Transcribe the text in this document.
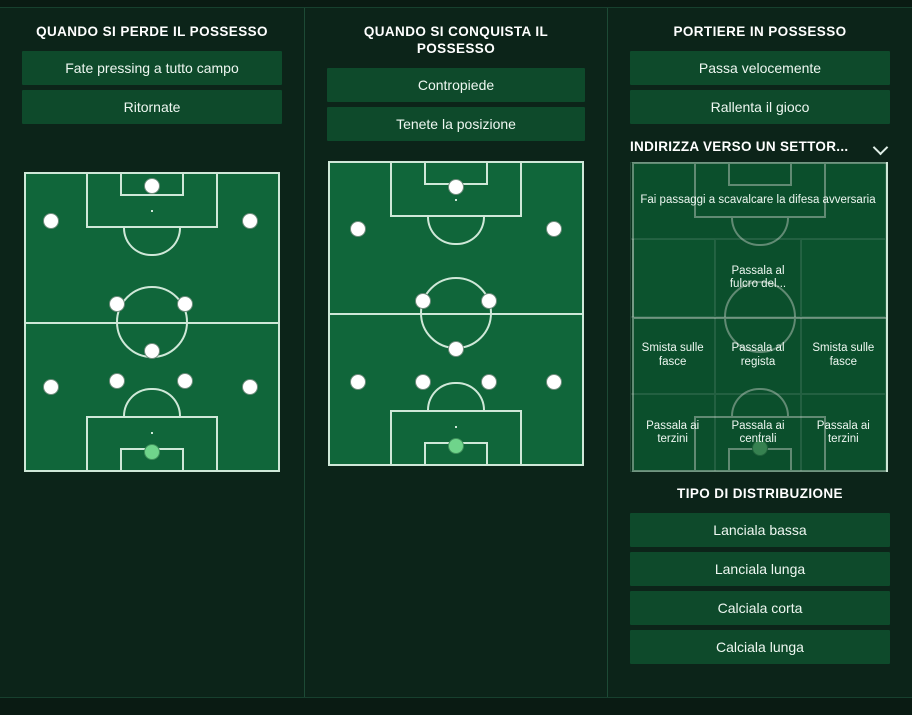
QUANDO SI PERDE IL POSSESSO
Fate pressing a tutto campo
Ritornate
QUANDO SI CONQUISTA IL POSSESSO
Contropiede
Tenete la posizione
PORTIERE IN POSSESSO
Passa velocemente
Rallenta il gioco
INDIRIZZA VERSO UN SETTOR...
Fai passaggi a scavalcare la difesa avversaria
Passala al fulcro del...
Smista sulle fasce
Passala al regista
Smista sulle fasce
Passala ai terzini
Passala ai centrali
Passala ai terzini
TIPO DI DISTRIBUZIONE
Lanciala bassa
Lanciala lunga
Calciala corta
Calciala lunga
